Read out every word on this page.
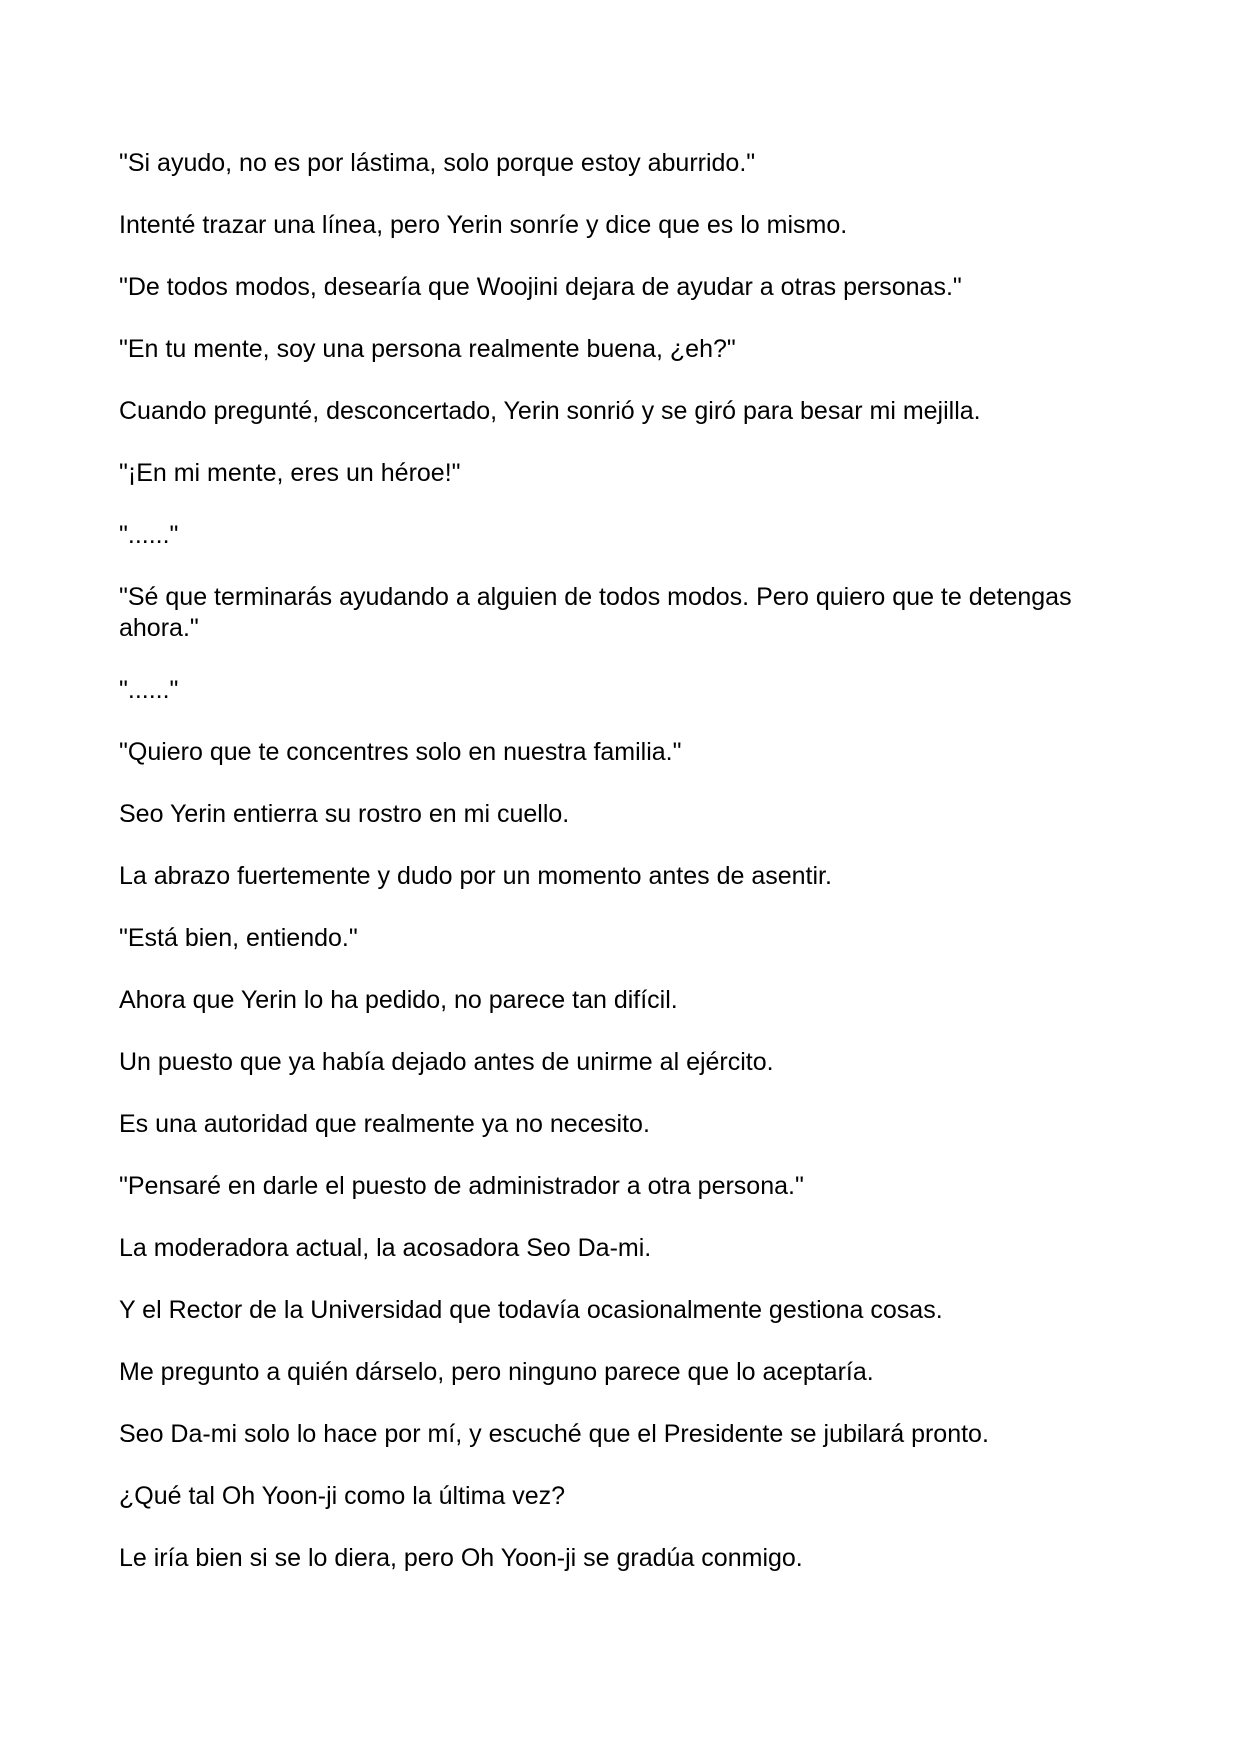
"Si ayudo, no es por lástima, solo porque estoy aburrido."

Intenté trazar una línea, pero Yerin sonríe y dice que es lo mismo.

"De todos modos, desearía que Woojini dejara de ayudar a otras personas."

"En tu mente, soy una persona realmente buena, ¿eh?"

Cuando pregunté, desconcertado, Yerin sonrió y se giró para besar mi mejilla.

"¡En mi mente, eres un héroe!"

"......"

"Sé que terminarás ayudando a alguien de todos modos. Pero quiero que te detengas ahora."

"......"

"Quiero que te concentres solo en nuestra familia."

Seo Yerin entierra su rostro en mi cuello.

La abrazo fuertemente y dudo por un momento antes de asentir.

"Está bien, entiendo."

Ahora que Yerin lo ha pedido, no parece tan difícil.

Un puesto que ya había dejado antes de unirme al ejército.

Es una autoridad que realmente ya no necesito.

"Pensaré en darle el puesto de administrador a otra persona."

La moderadora actual, la acosadora Seo Da-mi.

Y el Rector de la Universidad que todavía ocasionalmente gestiona cosas.

Me pregunto a quién dárselo, pero ninguno parece que lo aceptaría.

Seo Da-mi solo lo hace por mí, y escuché que el Presidente se jubilará pronto.

¿Qué tal Oh Yoon-ji como la última vez?

Le iría bien si se lo diera, pero Oh Yoon-ji se gradúa conmigo.
